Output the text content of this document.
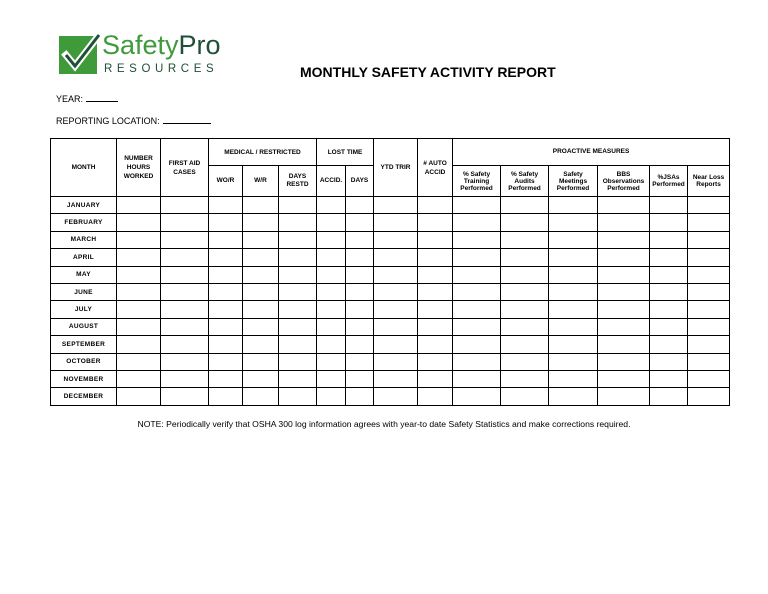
SafetyPro
RESOURCES	MONTHLY SAFETY ACTIVITY REPORT
YEAR:
REPORTING LOCATION:
MONTH	NUMBER HOURS WORKED	FIRST AID CASES	MEDICAL / RESTRICTED			LOST TIME		YTD TRIR	# AUTO ACCID	PROACTIVE MEASURES					
			WO/R	W/R	DAYS RESTD	ACCID.	DAYS			% Safety Training Performed	% Safety Audits Performed	Safety Meetings Performed	BBS Observations Performed	%JSAs Performed	Near Loss Reports
JANUARY															
FEBRUARY															
MARCH															
APRIL															
MAY															
JUNE															
JULY															
AUGUST															
SEPTEMBER															
OCTOBER															
NOVEMBER															
DECEMBER															
NOTE: Periodically verify that OSHA 300 log information agrees with year-to date Safety Statistics and make corrections required.
